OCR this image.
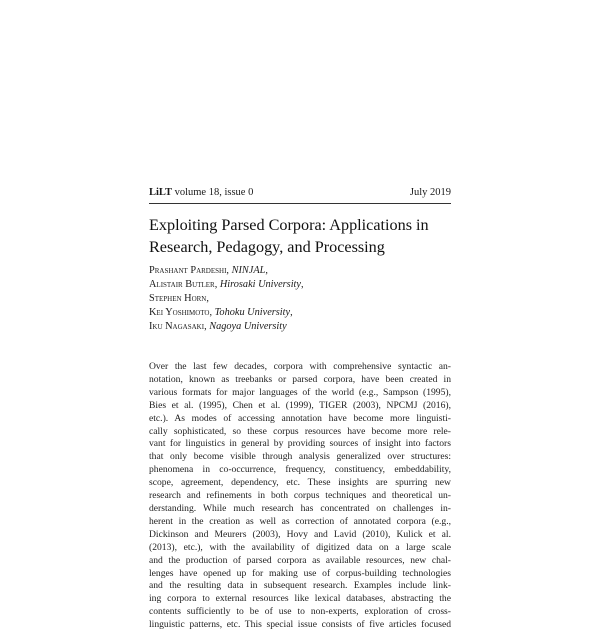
LiLT volume 18, issue 0	July 2019
Exploiting Parsed Corpora: Applications in
Research, Pedagogy, and Processing
Prashant Pardeshi, NINJAL,
Alistair Butler, Hirosaki University,
Stephen Horn,
Kei Yoshimoto, Tohoku University,
Iku Nagasaki, Nagoya University
Over the last few decades, corpora with comprehensive syntactic an-
notation, known as treebanks or parsed corpora, have been created in
various formats for major languages of the world (e.g., Sampson (1995),
Bies et al. (1995), Chen et al. (1999), TIGER (2003), NPCMJ (2016),
etc.). As modes of accessing annotation have become more linguisti-
cally sophisticated, so these corpus resources have become more rele-
vant for linguistics in general by providing sources of insight into factors
that only become visible through analysis generalized over structures:
phenomena in co-occurrence, frequency, constituency, embeddability,
scope, agreement, dependency, etc. These insights are spurring new
research and refinements in both corpus techniques and theoretical un-
derstanding. While much research has concentrated on challenges in-
herent in the creation as well as correction of annotated corpora (e.g.,
Dickinson and Meurers (2003), Hovy and Lavid (2010), Kulick et al.
(2013), etc.), with the availability of digitized data on a large scale
and the production of parsed corpora as available resources, new chal-
lenges have opened up for making use of corpus-building technologies
and the resulting data in subsequent research. Examples include link-
ing corpora to external resources like lexical databases, abstracting the
contents sufficiently to be of use to non-experts, exploration of cross-
linguistic patterns, etc. This special issue consists of five articles focused
